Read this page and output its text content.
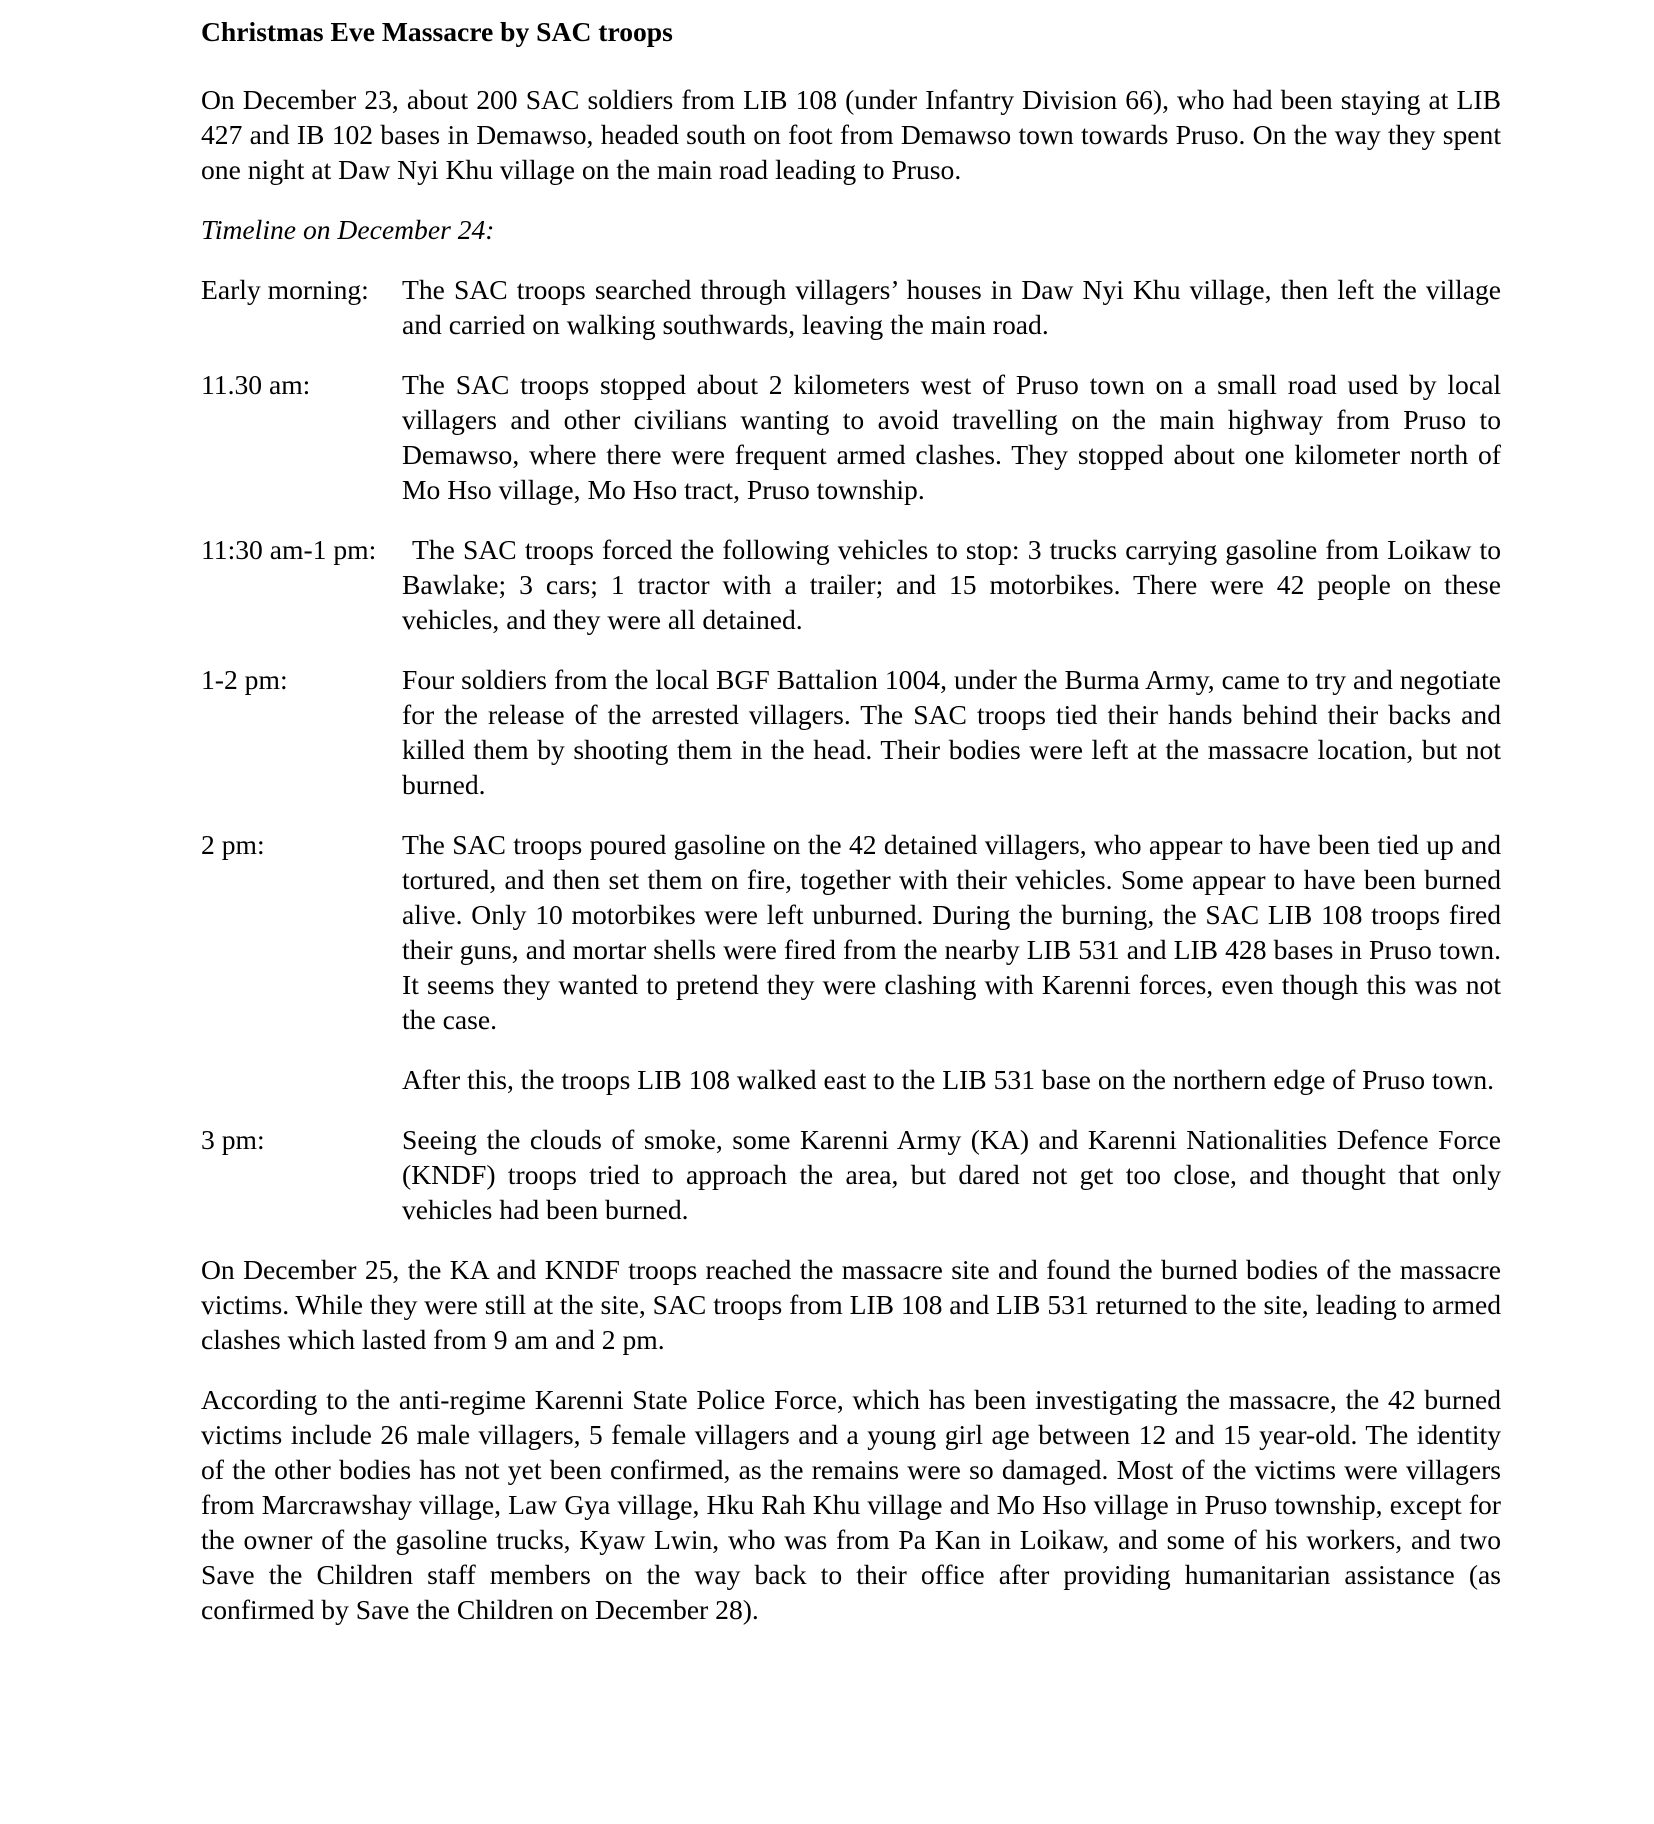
Christmas Eve Massacre by SAC troops

On December 23, about 200 SAC soldiers from LIB 108 (under Infantry Division 66), who had been staying at LIB 427 and IB 102 bases in Demawso, headed south on foot from Demawso town towards Pruso. On the way they spent one night at Daw Nyi Khu village on the main road leading to Pruso.

Timeline on December 24:

Early morning: The SAC troops searched through villagers’ houses in Daw Nyi Khu village, then left the village and carried on walking southwards, leaving the main road.
11.30 am:	The SAC troops stopped about 2 kilometers west of Pruso town on a small road used by local villagers and other civilians wanting to avoid travelling on the main highway from Pruso to Demawso, where there were frequent armed clashes. They stopped about one kilometer north of Mo Hso village, Mo Hso tract, Pruso township.
11:30 am-1 pm:	The SAC troops forced the following vehicles to stop: 3 trucks carrying gasoline from Loikaw to Bawlake; 3 cars; 1 tractor with a trailer; and 15 motorbikes. There were 42 people on these vehicles, and they were all detained.
1-2 pm:	Four soldiers from the local BGF Battalion 1004, under the Burma Army, came to try and negotiate for the release of the arrested villagers. The SAC troops tied their hands behind their backs and killed them by shooting them in the head. Their bodies were left at the massacre location, but not burned.
2 pm:	The SAC troops poured gasoline on the 42 detained villagers, who appear to have been tied up and tortured, and then set them on fire, together with their vehicles. Some appear to have been burned alive. Only 10 motorbikes were left unburned. During the burning, the SAC LIB 108 troops fired their guns, and mortar shells were fired from the nearby LIB 531 and LIB 428 bases in Pruso town. It seems they wanted to pretend they were clashing with Karenni forces, even though this was not the case.

After this, the troops LIB 108 walked east to the LIB 531 base on the northern edge of Pruso town.

3 pm:	Seeing the clouds of smoke, some Karenni Army (KA) and Karenni Nationalities Defence Force (KNDF) troops tried to approach the area, but dared not get too close, and thought that only vehicles had been burned.

On December 25, the KA and KNDF troops reached the massacre site and found the burned bodies of the massacre victims. While they were still at the site, SAC troops from LIB 108 and LIB 531 returned to the site, leading to armed clashes which lasted from 9 am and 2 pm.

According to the anti-regime Karenni State Police Force, which has been investigating the massacre, the 42 burned victims include 26 male villagers, 5 female villagers and a young girl age between 12 and 15 year-old. The identity of the other bodies has not yet been confirmed, as the remains were so damaged. Most of the victims were villagers from Marcrawshay village, Law Gya village, Hku Rah Khu village and Mo Hso village in Pruso township, except for the owner of the gasoline trucks, Kyaw Lwin, who was from Pa Kan in Loikaw, and some of his workers, and two Save the Children staff members on the way back to their office after providing humanitarian assistance (as confirmed by Save the Children on December 28).
